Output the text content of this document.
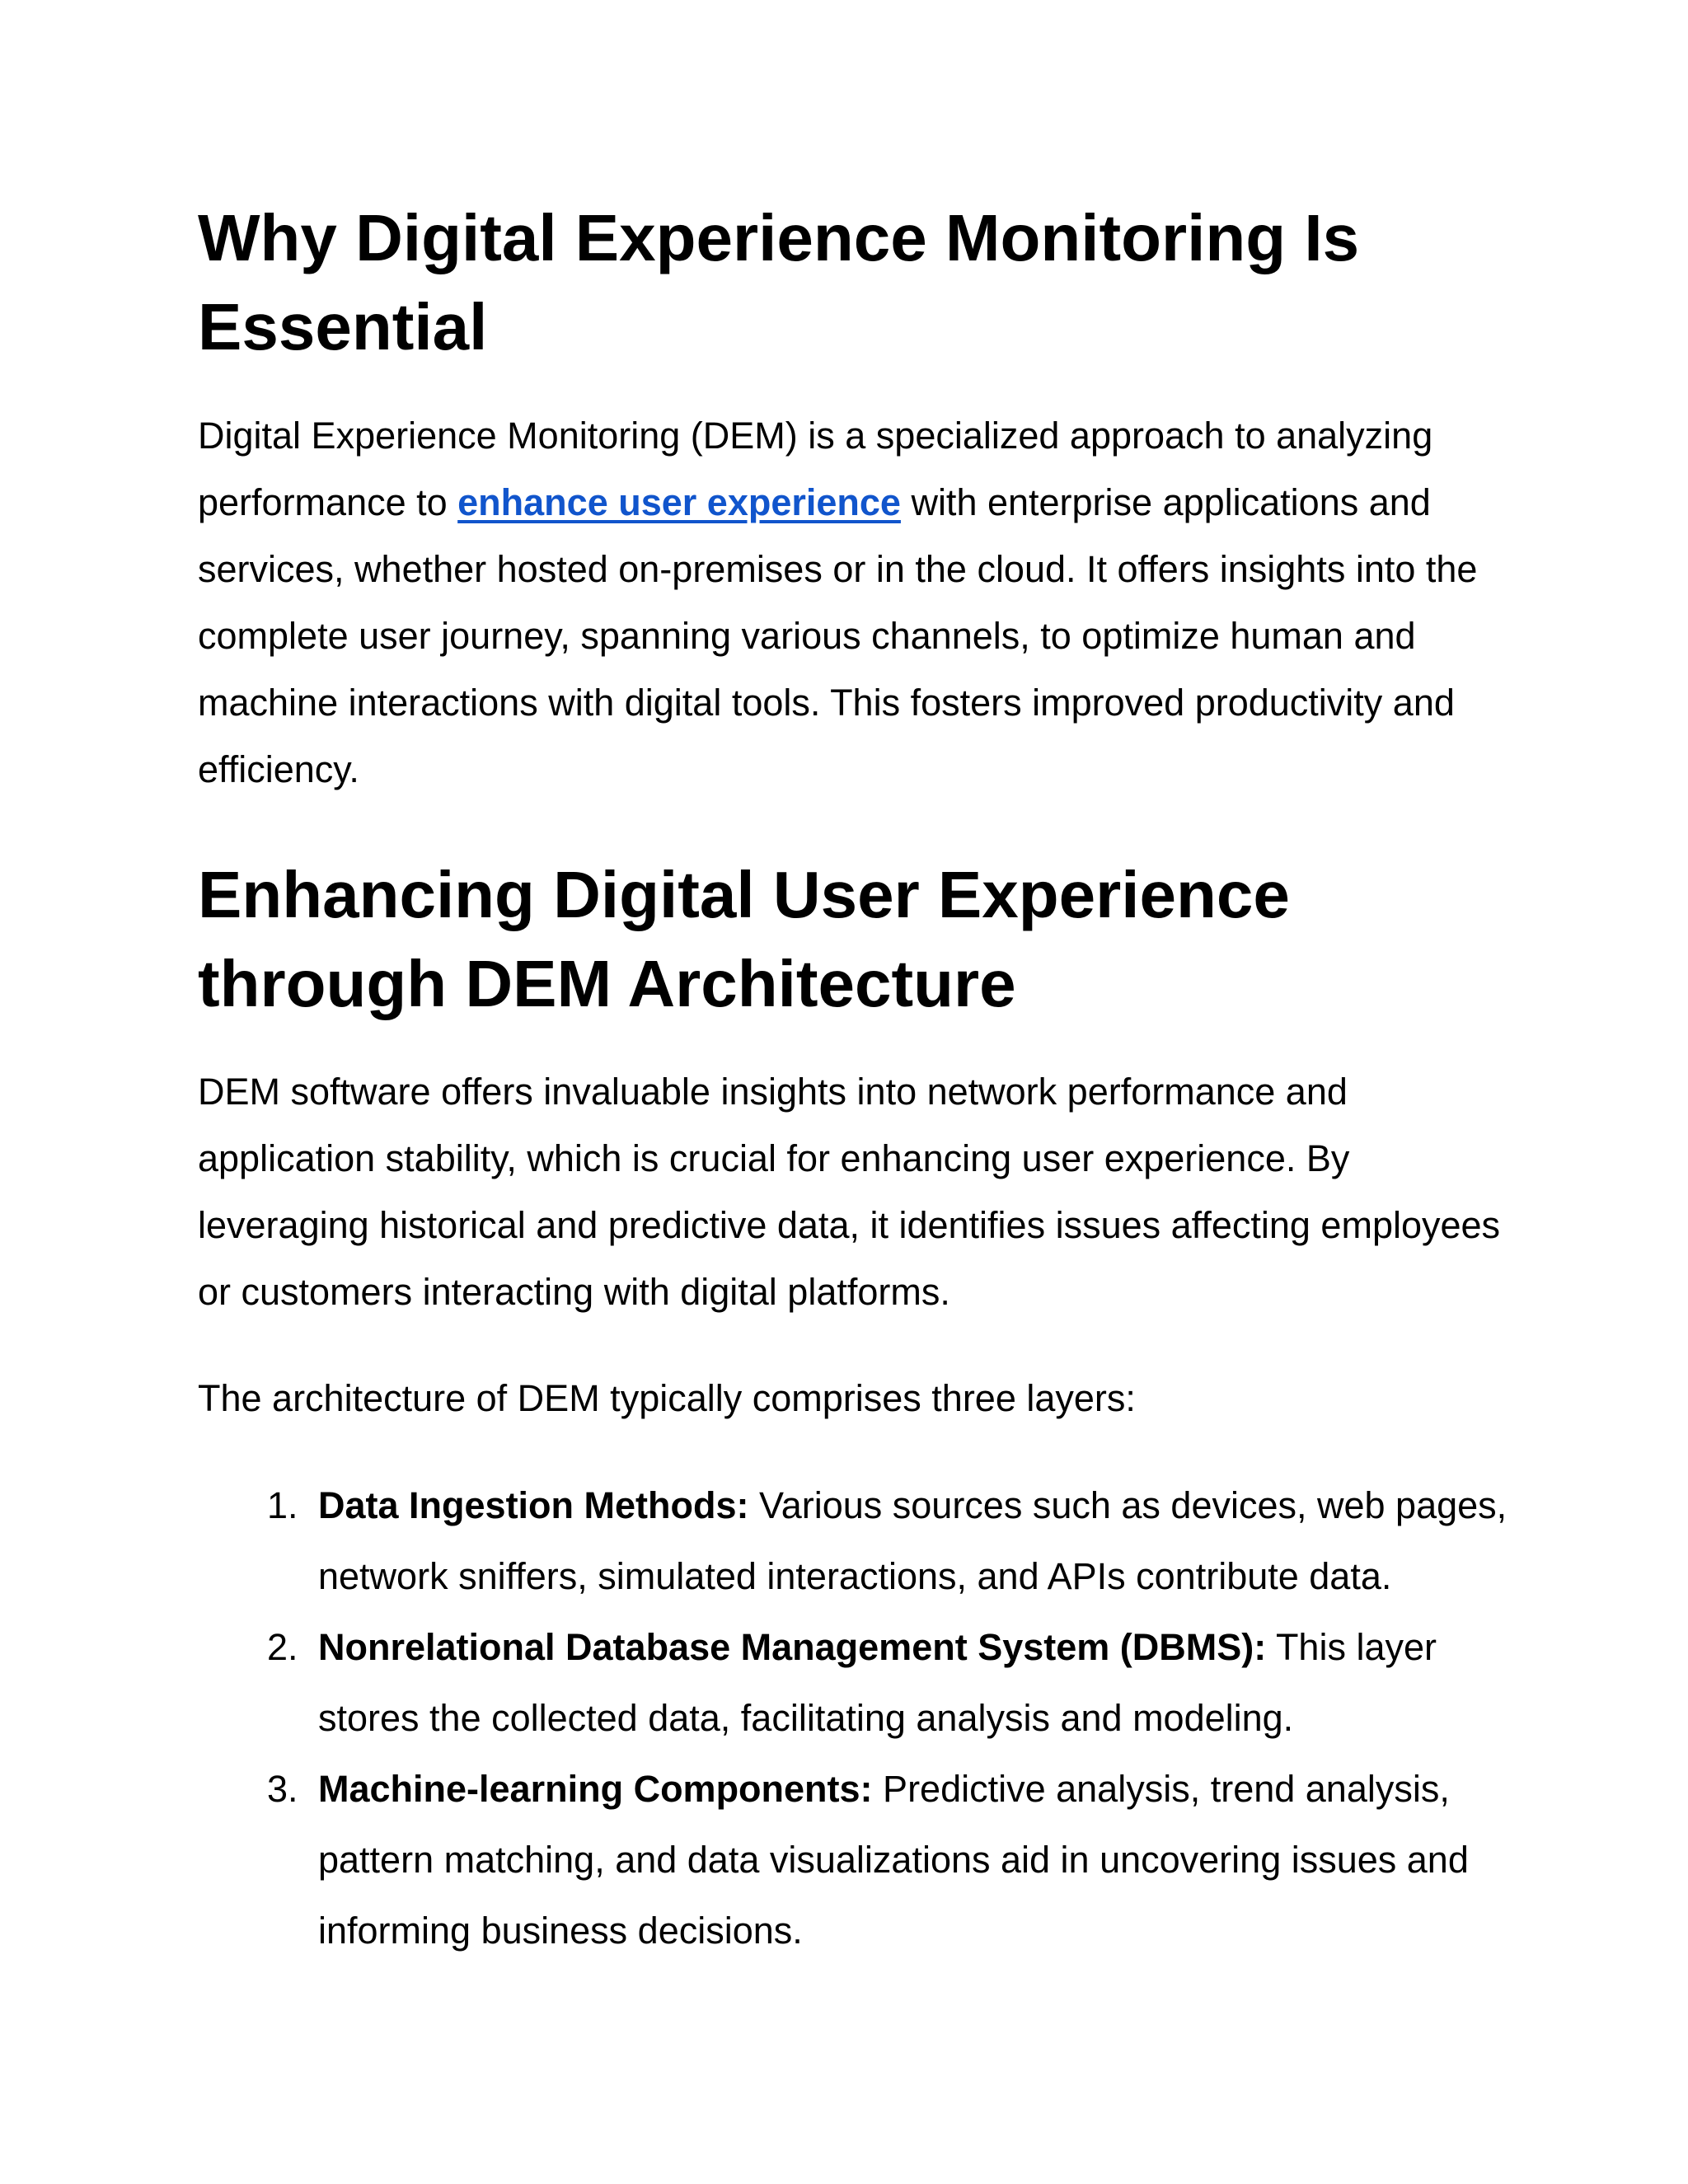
Why Digital Experience Monitoring Is
Essential

Digital Experience Monitoring (DEM) is a specialized approach to analyzing performance to enhance user experience with enterprise applications and services, whether hosted on-premises or in the cloud. It offers insights into the complete user journey, spanning various channels, to optimize human and machine interactions with digital tools. This fosters improved productivity and efficiency.

Enhancing Digital User Experience
through DEM Architecture

DEM software offers invaluable insights into network performance and application stability, which is crucial for enhancing user experience. By leveraging historical and predictive data, it identifies issues affecting employees or customers interacting with digital platforms.

The architecture of DEM typically comprises three layers:

1. Data Ingestion Methods: Various sources such as devices, web pages, network sniffers, simulated interactions, and APIs contribute data.
2. Nonrelational Database Management System (DBMS): This layer stores the collected data, facilitating analysis and modeling.
3. Machine-learning Components: Predictive analysis, trend analysis, pattern matching, and data visualizations aid in uncovering issues and informing business decisions.
